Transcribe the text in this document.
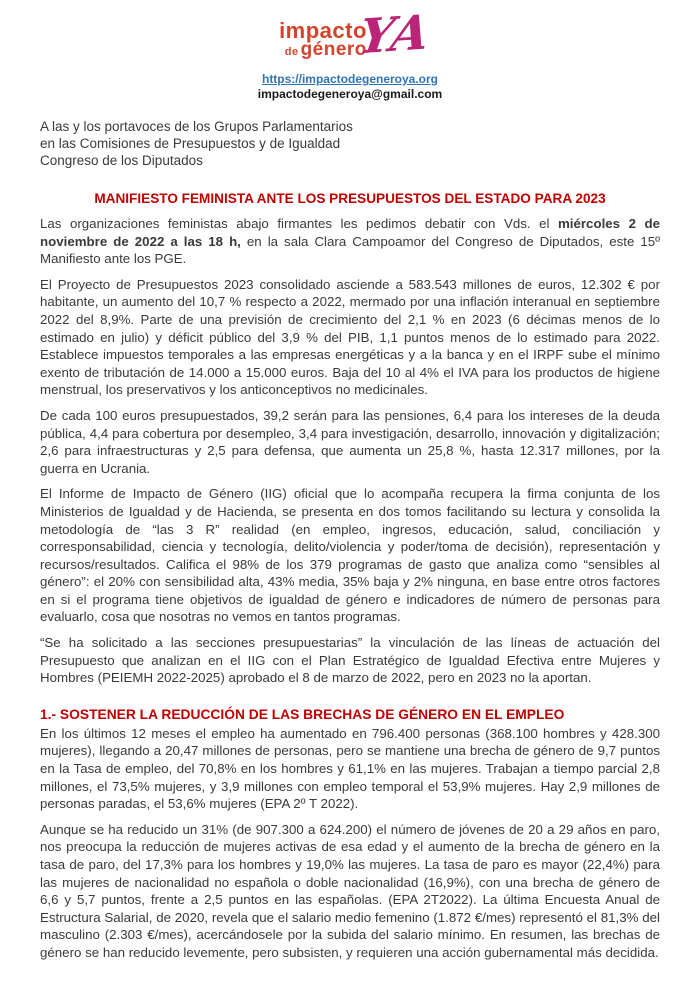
impacto
de género
YA
https://impactodegeneroya.org
impactodegeneroya@gmail.com
A las y los portavoces de los Grupos Parlamentarios
en las Comisiones de Presupuestos y de Igualdad
Congreso de los Diputados
MANIFIESTO FEMINISTA ANTE LOS PRESUPUESTOS DEL ESTADO PARA 2023

Las organizaciones feministas abajo firmantes les pedimos debatir con Vds. el miércoles 2 de noviembre de 2022 a las 18 h, en la sala Clara Campoamor del Congreso de Diputados, este 15º Manifiesto ante los PGE.

El Proyecto de Presupuestos 2023 consolidado asciende a 583.543 millones de euros, 12.302 € por habitante, un aumento del 10,7 % respecto a 2022, mermado por una inflación interanual en septiembre 2022 del 8,9%. Parte de una previsión de crecimiento del 2,1 % en 2023 (6 décimas menos de lo estimado en julio) y déficit público del 3,9 % del PIB, 1,1 puntos menos de lo estimado para 2022. Establece impuestos temporales a las empresas energéticas y a la banca y en el IRPF sube el mínimo exento de tributación de 14.000 a 15.000 euros. Baja del 10 al 4% el IVA para los productos de higiene menstrual, los preservativos y los anticonceptivos no medicinales.

De cada 100 euros presupuestados, 39,2 serán para las pensiones, 6,4 para los intereses de la deuda pública, 4,4 para cobertura por desempleo, 3,4 para investigación, desarrollo, innovación y digitalización; 2,6 para infraestructuras y 2,5 para defensa, que aumenta un 25,8 %, hasta 12.317 millones, por la guerra en Ucrania.

El Informe de Impacto de Género (IIG) oficial que lo acompaña recupera la firma conjunta de los Ministerios de Igualdad y de Hacienda, se presenta en dos tomos facilitando su lectura y consolida la metodología de “las 3 R” realidad (en empleo, ingresos, educación, salud, conciliación y corresponsabilidad, ciencia y tecnología, delito/violencia y poder/toma de decisión), representación y recursos/resultados. Califica el 98% de los 379 programas de gasto que analiza como “sensibles al género”: el 20% con sensibilidad alta, 43% media, 35% baja y 2% ninguna, en base entre otros factores en si el programa tiene objetivos de igualdad de género e indicadores de número de personas para evaluarlo, cosa que nosotras no vemos en tantos programas.

“Se ha solicitado a las secciones presupuestarias” la vinculación de las líneas de actuación del Presupuesto que analizan en el IIG con el Plan Estratégico de Igualdad Efectiva entre Mujeres y Hombres (PEIEMH 2022-2025) aprobado el 8 de marzo de 2022, pero en 2023 no la aportan.

1.- SOSTENER LA REDUCCIÓN DE LAS BRECHAS DE GÉNERO EN EL EMPLEO

En los últimos 12 meses el empleo ha aumentado en 796.400 personas (368.100 hombres y 428.300 mujeres), llegando a 20,47 millones de personas, pero se mantiene una brecha de género de 9,7 puntos en la Tasa de empleo, del 70,8% en los hombres y 61,1% en las mujeres. Trabajan a tiempo parcial 2,8 millones, el 73,5% mujeres, y 3,9 millones con empleo temporal el 53,9% mujeres. Hay 2,9 millones de personas paradas, el 53,6% mujeres (EPA 2º T 2022).

Aunque se ha reducido un 31% (de 907.300 a 624.200) el número de jóvenes de 20 a 29 años en paro, nos preocupa la reducción de mujeres activas de esa edad y el aumento de la brecha de género en la tasa de paro, del 17,3% para los hombres y 19,0% las mujeres. La tasa de paro es mayor (22,4%) para las mujeres de nacionalidad no española o doble nacionalidad (16,9%), con una brecha de género de 6,6 y 5,7 puntos, frente a 2,5 puntos en las españolas. (EPA 2T2022). La última Encuesta Anual de Estructura Salarial, de 2020, revela que el salario medio femenino (1.872 €/mes) representó el 81,3% del masculino (2.303 €/mes), acercándosele por la subida del salario mínimo. En resumen, las brechas de género se han reducido levemente, pero subsisten, y requieren una acción gubernamental más decidida.
